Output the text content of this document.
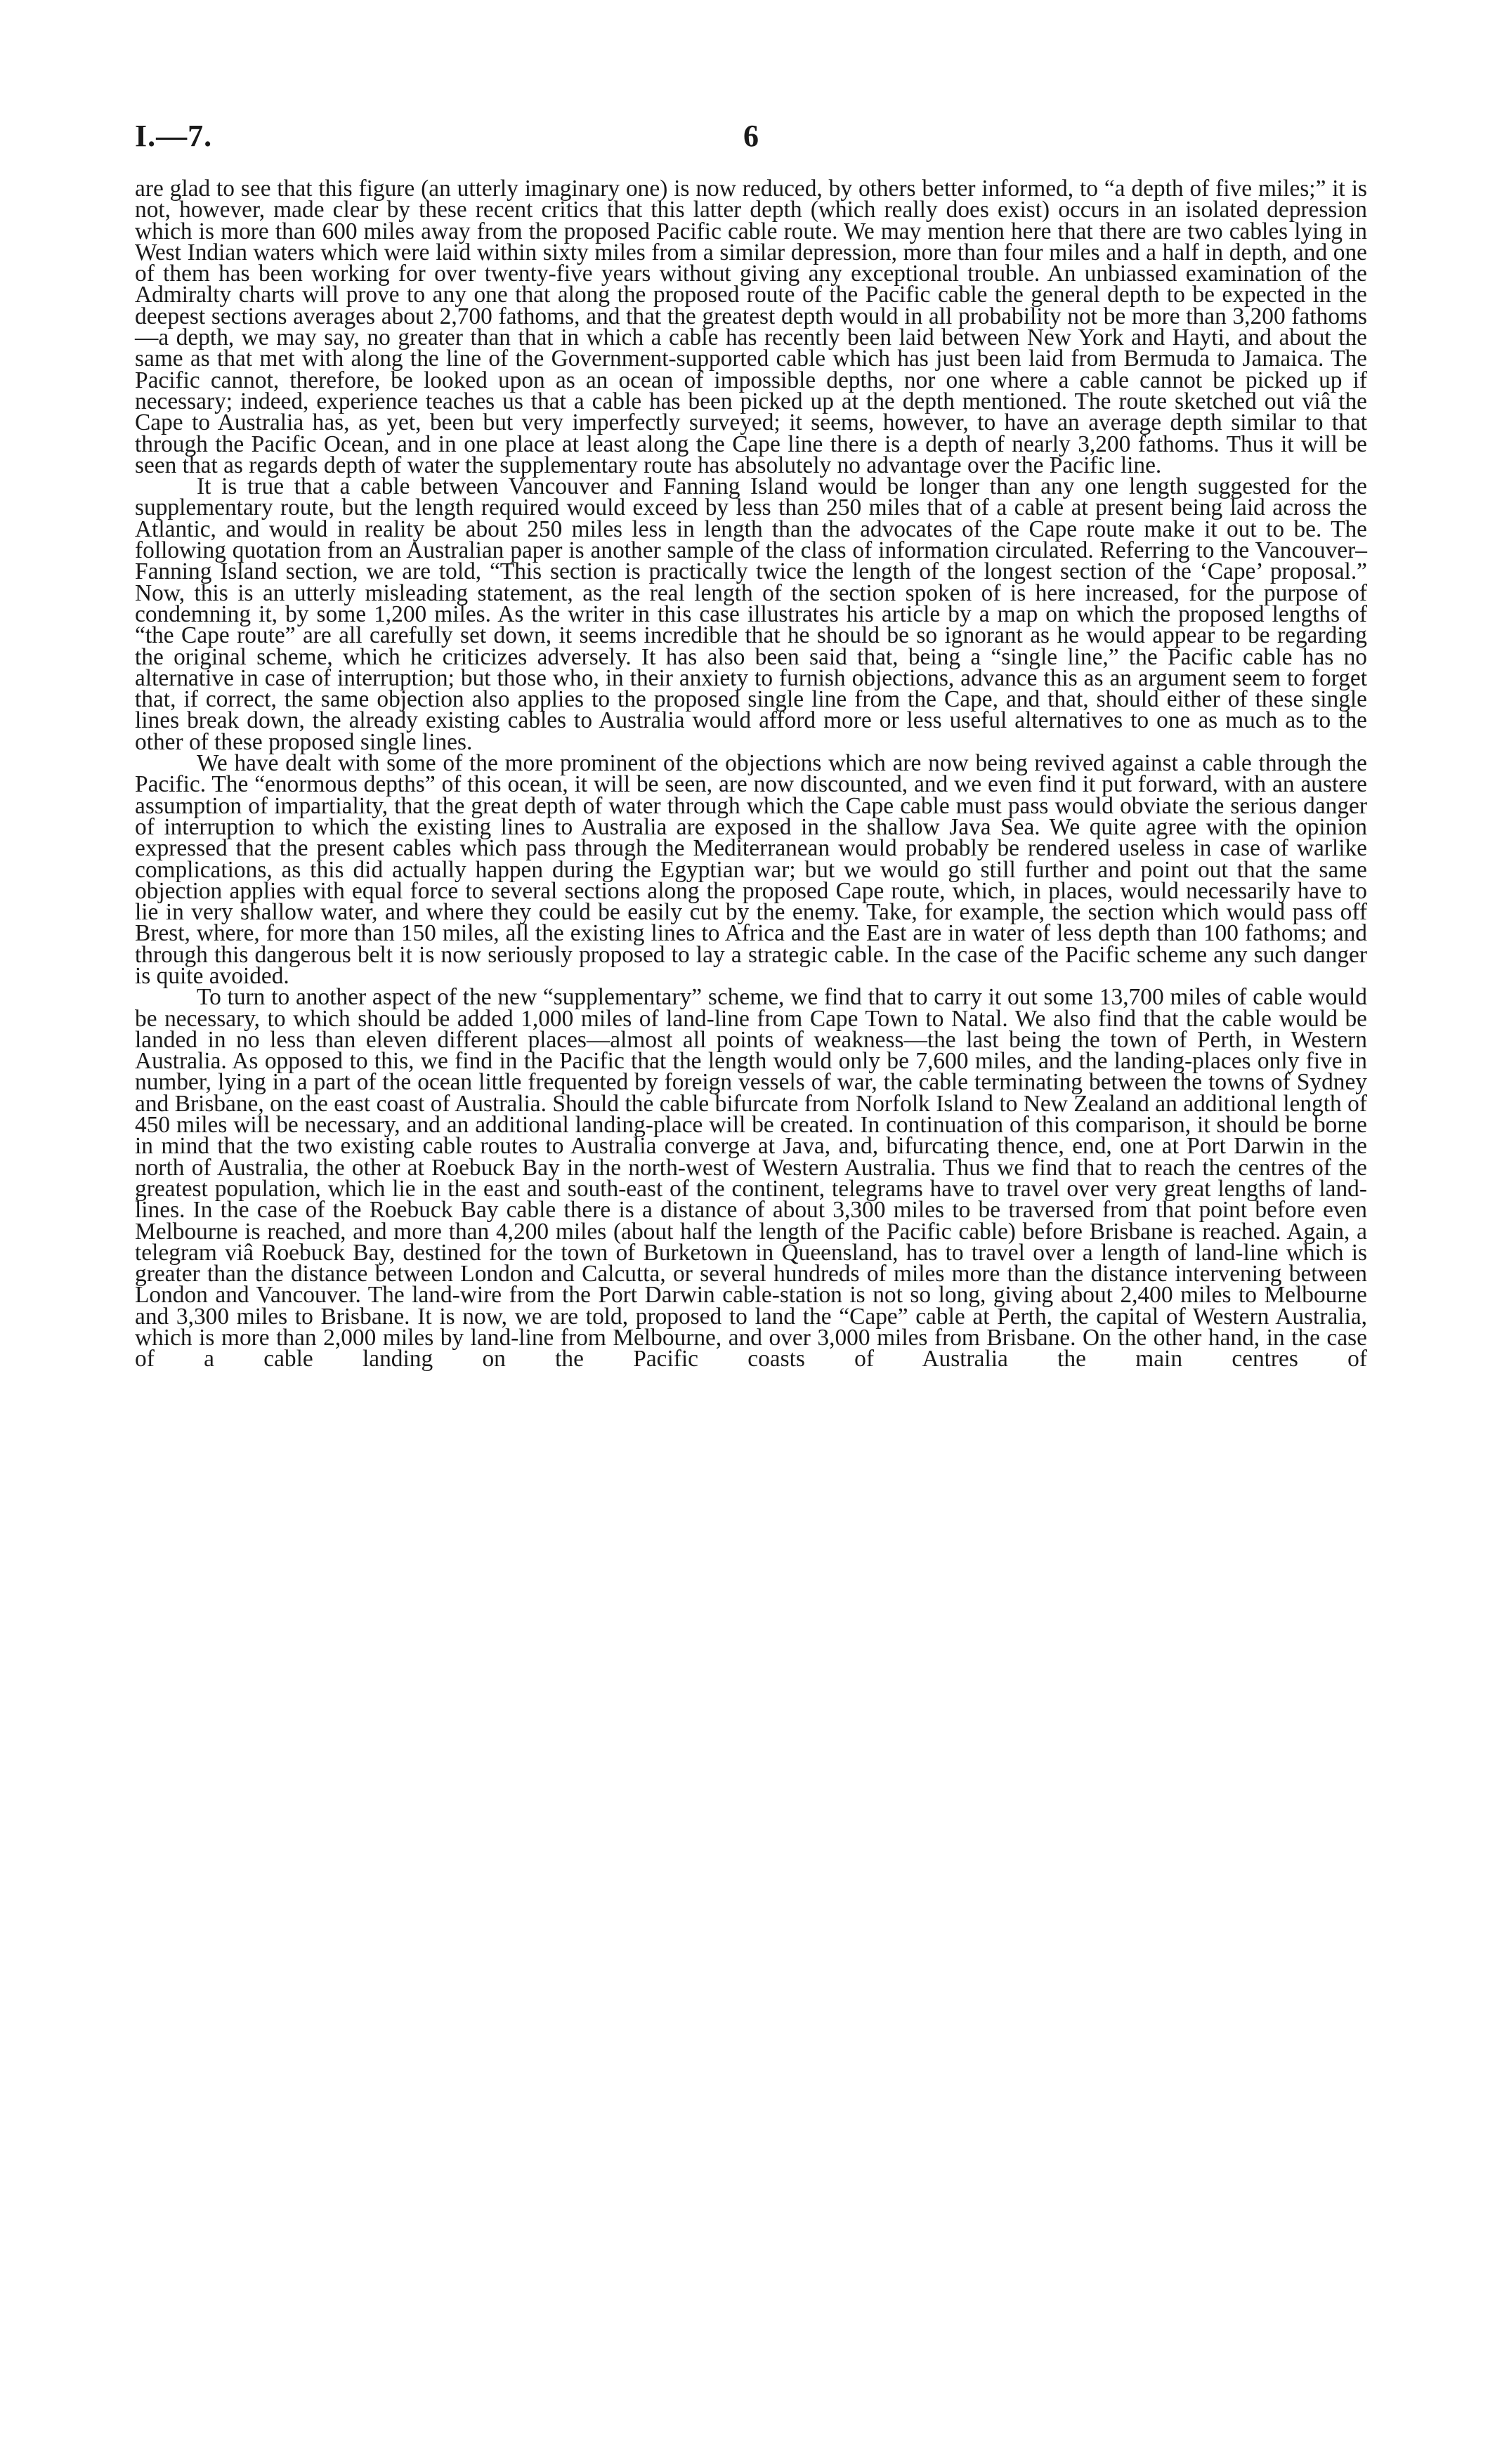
I.—7.	6

are glad to see that this figure (an utterly imaginary one) is now reduced, by others better informed, to “a depth of five miles;” it is not, however, made clear by these recent critics that this latter depth (which really does exist) occurs in an isolated depression which is more than 600 miles away from the proposed Pacific cable route. We may mention here that there are two cables lying in West Indian waters which were laid within sixty miles from a similar depression, more than four miles and a half in depth, and one of them has been working for over twenty-five years without giving any exceptional trouble. An unbiassed examination of the Admiralty charts will prove to any one that along the proposed route of the Pacific cable the general depth to be expected in the deepest sections averages about 2,700 fathoms, and that the greatest depth would in all probability not be more than 3,200 fathoms—a depth, we may say, no greater than that in which a cable has recently been laid between New York and Hayti, and about the same as that met with along the line of the Government-supported cable which has just been laid from Bermuda to Jamaica. The Pacific cannot, therefore, be looked upon as an ocean of impossible depths, nor one where a cable cannot be picked up if necessary; indeed, experience teaches us that a cable has been picked up at the depth mentioned. The route sketched out viâ the Cape to Australia has, as yet, been but very imperfectly surveyed; it seems, however, to have an average depth similar to that through the Pacific Ocean, and in one place at least along the Cape line there is a depth of nearly 3,200 fathoms. Thus it will be seen that as regards depth of water the supplementary route has absolutely no advantage over the Pacific line.

It is true that a cable between Vancouver and Fanning Island would be longer than any one length suggested for the supplementary route, but the length required would exceed by less than 250 miles that of a cable at present being laid across the Atlantic, and would in reality be about 250 miles less in length than the advocates of the Cape route make it out to be. The following quotation from an Australian paper is another sample of the class of information circulated. Referring to the Vancouver–Fanning Island section, we are told, “This section is practically twice the length of the longest section of the ‘Cape’ proposal.” Now, this is an utterly misleading statement, as the real length of the section spoken of is here increased, for the purpose of condemning it, by some 1,200 miles. As the writer in this case illustrates his article by a map on which the proposed lengths of “the Cape route” are all carefully set down, it seems incredible that he should be so ignorant as he would appear to be regarding the original scheme, which he criticizes adversely. It has also been said that, being a “single line,” the Pacific cable has no alternative in case of interruption; but those who, in their anxiety to furnish objections, advance this as an argument seem to forget that, if correct, the same objection also applies to the proposed single line from the Cape, and that, should either of these single lines break down, the already existing cables to Australia would afford more or less useful alternatives to one as much as to the other of these proposed single lines.

We have dealt with some of the more prominent of the objections which are now being revived against a cable through the Pacific. The “enormous depths” of this ocean, it will be seen, are now discounted, and we even find it put forward, with an austere assumption of impartiality, that the great depth of water through which the Cape cable must pass would obviate the serious danger of interruption to which the existing lines to Australia are exposed in the shallow Java Sea. We quite agree with the opinion expressed that the present cables which pass through the Mediterranean would probably be rendered useless in case of warlike complications, as this did actually happen during the Egyptian war; but we would go still further and point out that the same objection applies with equal force to several sections along the proposed Cape route, which, in places, would necessarily have to lie in very shallow water, and where they could be easily cut by the enemy. Take, for example, the section which would pass off Brest, where, for more than 150 miles, all the existing lines to Africa and the East are in water of less depth than 100 fathoms; and through this dangerous belt it is now seriously proposed to lay a strategic cable. In the case of the Pacific scheme any such danger is quite avoided.

To turn to another aspect of the new “supplementary” scheme, we find that to carry it out some 13,700 miles of cable would be necessary, to which should be added 1,000 miles of land-line from Cape Town to Natal. We also find that the cable would be landed in no less than eleven different places—almost all points of weakness—the last being the town of Perth, in Western Australia. As opposed to this, we find in the Pacific that the length would only be 7,600 miles, and the landing-places only five in number, lying in a part of the ocean little frequented by foreign vessels of war, the cable terminating between the towns of Sydney and Brisbane, on the east coast of Australia. Should the cable bifurcate from Norfolk Island to New Zealand an additional length of 450 miles will be necessary, and an additional landing-place will be created. In continuation of this comparison, it should be borne in mind that the two existing cable routes to Australia converge at Java, and, bifurcating thence, end, one at Port Darwin in the north of Australia, the other at Roebuck Bay in the north-west of Western Australia. Thus we find that to reach the centres of the greatest population, which lie in the east and south-east of the continent, telegrams have to travel over very great lengths of land-lines. In the case of the Roebuck Bay cable there is a distance of about 3,300 miles to be traversed from that point before even Melbourne is reached, and more than 4,200 miles (about half the length of the Pacific cable) before Brisbane is reached. Again, a telegram viâ Roebuck Bay, destined for the town of Burketown in Queensland, has to travel over a length of land-line which is greater than the distance between London and Calcutta, or several hundreds of miles more than the distance intervening between London and Vancouver. The land-wire from the Port Darwin cable-station is not so long, giving about 2,400 miles to Melbourne and 3,300 miles to Brisbane. It is now, we are told, proposed to land the “Cape” cable at Perth, the capital of Western Australia, which is more than 2,000 miles by land-line from Melbourne, and over 3,000 miles from Brisbane. On the other hand, in the case of a cable landing on the Pacific coasts of Australia the main centres of
